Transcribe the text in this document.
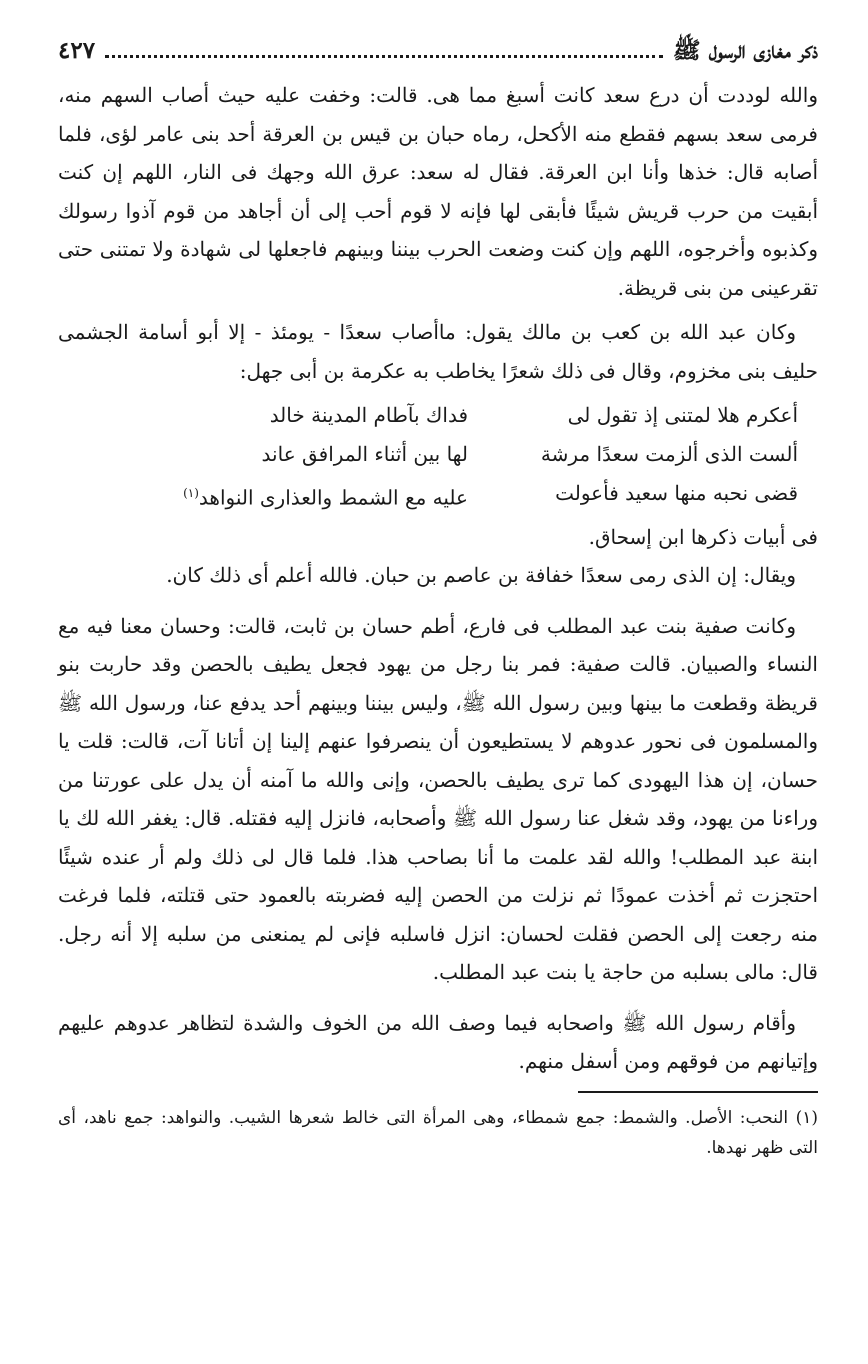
ذكر مغازى الرسول ﷺ
٤٢٧

والله لوددت أن درع سعد كانت أسبغ مما هى. قالت: وخفت عليه حيث أصاب السهم منه، فرمى سعد بسهم فقطع منه الأكحل، رماه حبان بن قيس بن العرقة أحد بنى عامر لؤى، فلما أصابه قال: خذها وأنا ابن العرقة. فقال له سعد: عرق الله وجهك فى النار، اللهم إن كنت أبقيت من حرب قريش شيئًا فأبقى لها فإنه لا قوم أحب إلى أن أجاهد من قوم آذوا رسولك وكذبوه وأخرجوه، اللهم وإن كنت وضعت الحرب بيننا وبينهم فاجعلها لى شهادة ولا تمتنى حتى تقرعينى من بنى قريظة.

وكان عبد الله بن كعب بن مالك يقول: ماأصاب سعدًا - يومئذ - إلا أبو أسامة الجشمى حليف بنى مخزوم، وقال فى ذلك شعرًا يخاطب به عكرمة بن أبى جهل:

أعكرم هلا لمتنى إذ تقول لى
فداك بآطام المدينة خالد
ألست الذى ألزمت سعدًا مرشة
لها بين أثناء المرافق عاند
قضى نحبه منها سعيد فأعولت
عليه مع الشمط والعذارى النواهد$^{(١)}$

فى أبيات ذكرها ابن إسحاق.

ويقال: إن الذى رمى سعدًا خفافة بن عاصم بن حبان. فالله أعلم أى ذلك كان.

وكانت صفية بنت عبد المطلب فى فارع، أطم حسان بن ثابت، قالت: وحسان معنا فيه مع النساء والصبيان. قالت صفية: فمر بنا رجل من يهود فجعل يطيف بالحصن وقد حاربت بنو قريظة وقطعت ما بينها وبين رسول الله ﷺ، وليس بيننا وبينهم أحد يدفع عنا، ورسول الله ﷺ والمسلمون فى نحور عدوهم لا يستطيعون أن ينصرفوا عنهم إلينا إن أتانا آت، قالت: قلت يا حسان، إن هذا اليهودى كما ترى يطيف بالحصن، وإنى والله ما آمنه أن يدل على عورتنا من وراءنا من يهود، وقد شغل عنا رسول الله ﷺ وأصحابه، فانزل إليه فقتله. قال: يغفر الله لك يا ابنة عبد المطلب! والله لقد علمت ما أنا بصاحب هذا. فلما قال لى ذلك ولم أر عنده شيئًا احتجزت ثم أخذت عمودًا ثم نزلت من الحصن إليه فضربته بالعمود حتى قتلته، فلما فرغت منه رجعت إلى الحصن فقلت لحسان: انزل فاسلبه فإنى لم يمنعنى من سلبه إلا أنه رجل. قال: مالى بسلبه من حاجة يا بنت عبد المطلب.

وأقام رسول الله ﷺ واصحابه فيما وصف الله من الخوف والشدة لتظاهر عدوهم عليهم وإتيانهم من فوقهم ومن أسفل منهم.

(١) النحب: الأصل. والشمط: جمع شمطاء، وهى المرأة التى خالط شعرها الشيب. والنواهد: جمع ناهد، أى التى ظهر نهدها.
